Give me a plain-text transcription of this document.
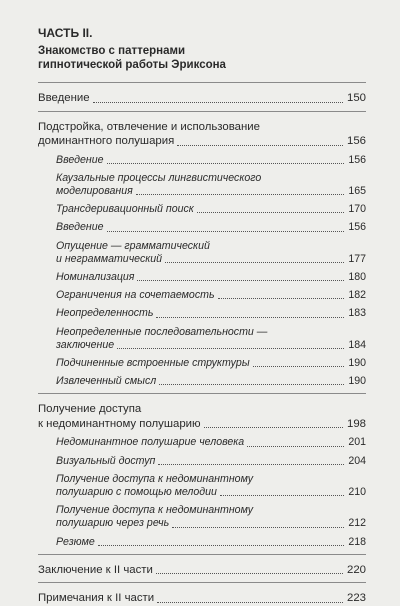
ЧАСТЬ II.
Знакомство с паттернами
гипнотической работы Эриксона
Введение	150
Подстройка, отвлечение и использование
доминантного полушария	156
Введение	156
Каузальные процессы лингвистического
моделирования	165
Трансдеривационный поиск	170
Введение	156
Опущение — грамматический
и неграмматический	177
Номинализация	180
Ограничения на сочетаемость	182
Неопределенность	183
Неопределенные последовательности —
заключение	184
Подчиненные встроенные структуры	190
Извлеченный смысл	190
Получение доступа
к недоминантному полушарию	198
Недоминантное полушарие человека	201
Визуальный доступ	204
Получение доступа к недоминантному
полушарию с помощью мелодии	210
Получение доступа к недоминантному
полушарию через речь	212
Резюме	218
Заключение к II части	220
Примечания к II части	223
